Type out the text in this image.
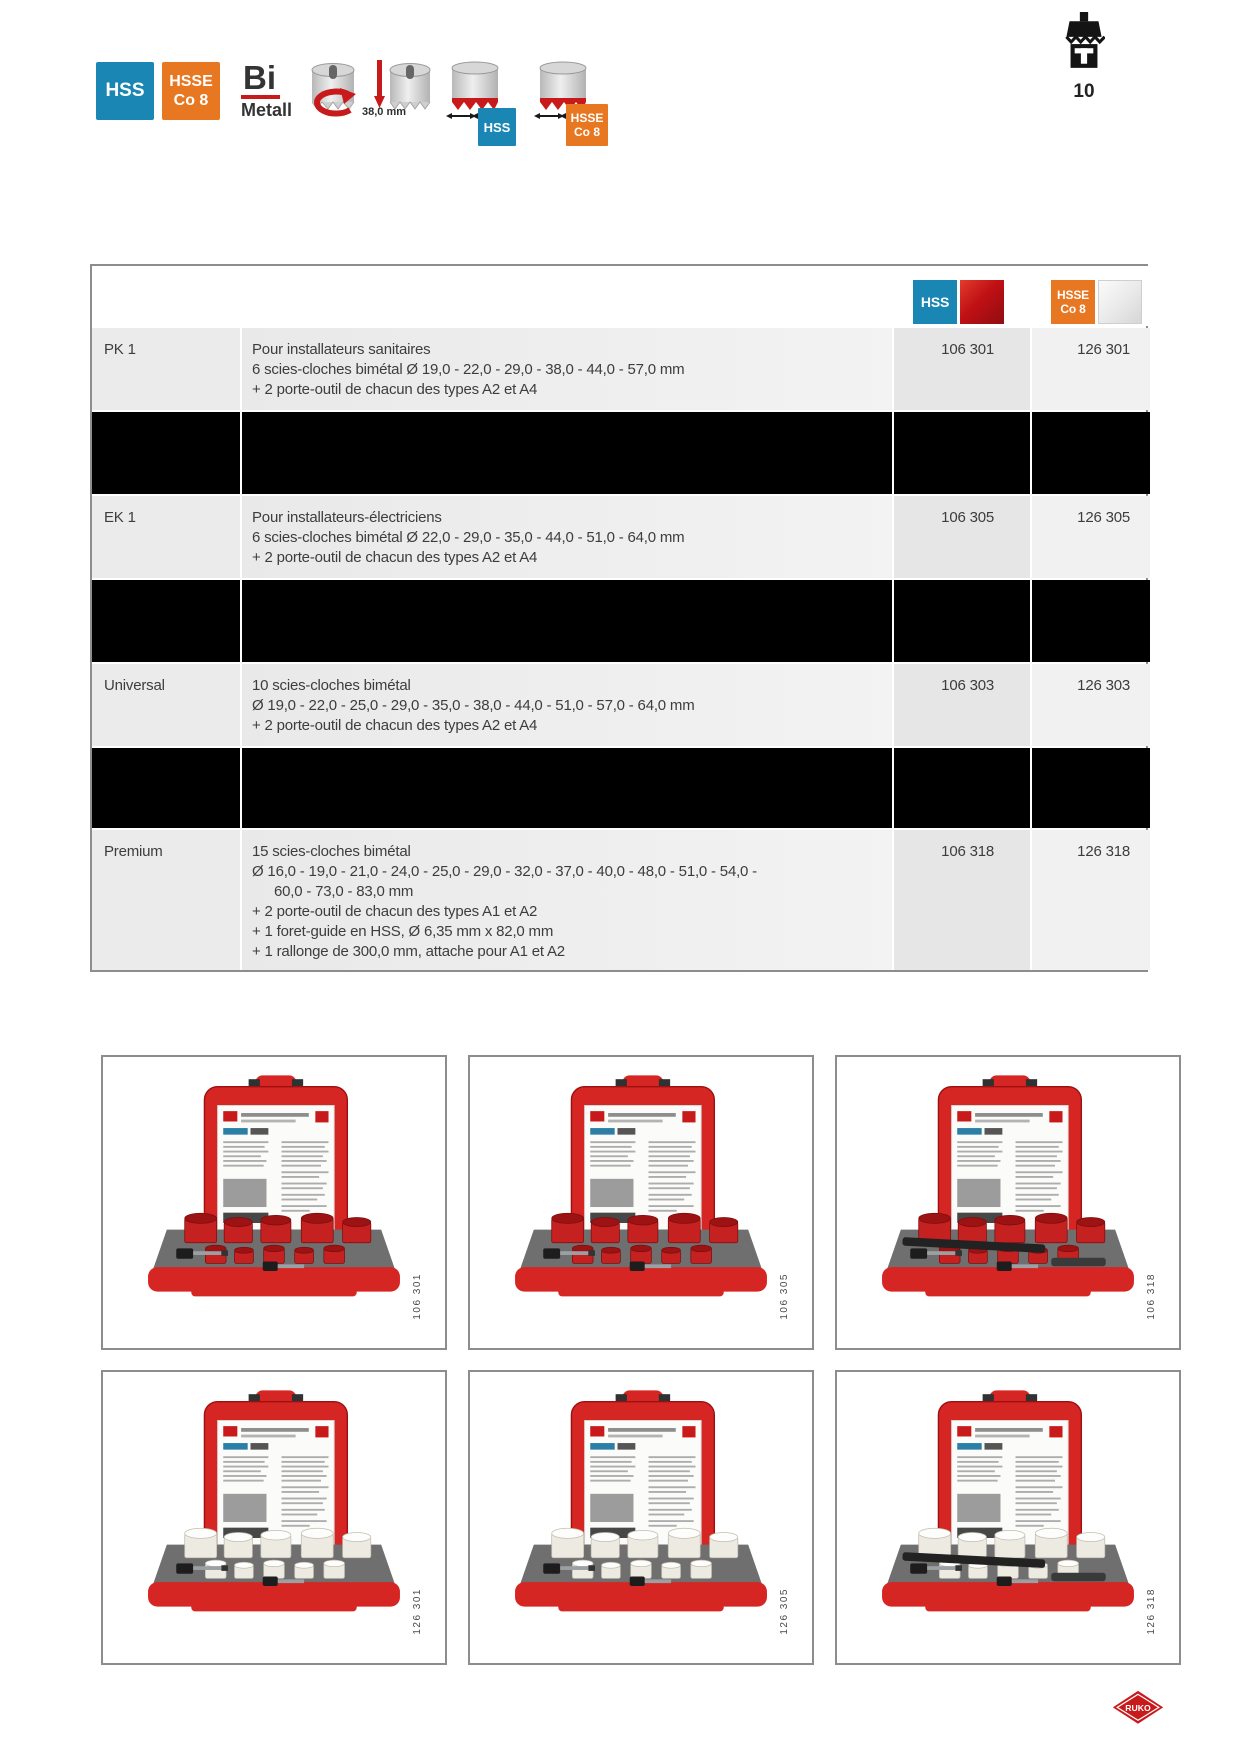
HSS HSSE
Co 8
Bi
Metall	38,0 mm
HSS
HSSE
Co 8
10
HSS	HSSE
Co 8
PK 1	Pour installateurs sanitaires
6 scies-cloches bimétal Ø 19,0 - 22,0 - 29,0 - 38,0 - 44,0 - 57,0 mm
+ 2 porte-outil de chacun des types A2 et A4
106 301	126 301
EK 1	Pour installateurs-électriciens
6 scies-cloches bimétal Ø 22,0 - 29,0 - 35,0 - 44,0 - 51,0 - 64,0 mm
+ 2 porte-outil de chacun des types A2 et A4
106 305	126 305
Universal	10 scies-cloches bimétal
Ø 19,0 - 22,0 - 25,0 - 29,0 - 35,0 - 38,0 - 44,0 - 51,0 - 57,0 - 64,0 mm
+ 2 porte-outil de chacun des types A2 et A4
106 303	126 303
Premium	15 scies-cloches bimétal
Ø 16,0 - 19,0 - 21,0 - 24,0 - 25,0 - 29,0 - 32,0 - 37,0 - 40,0 - 48,0 - 51,0 - 54,0 -
60,0 - 73,0 - 83,0 mm
+ 2 porte-outil de chacun des types A1 et A2
+ 1 foret-guide en HSS, Ø 6,35 mm x 82,0 mm
+ 1 rallonge de 300,0 mm, attache pour A1 et A2
106 318	126 318
106 301	106 305	106 318
126 301	126 305	126 318
RUKO
